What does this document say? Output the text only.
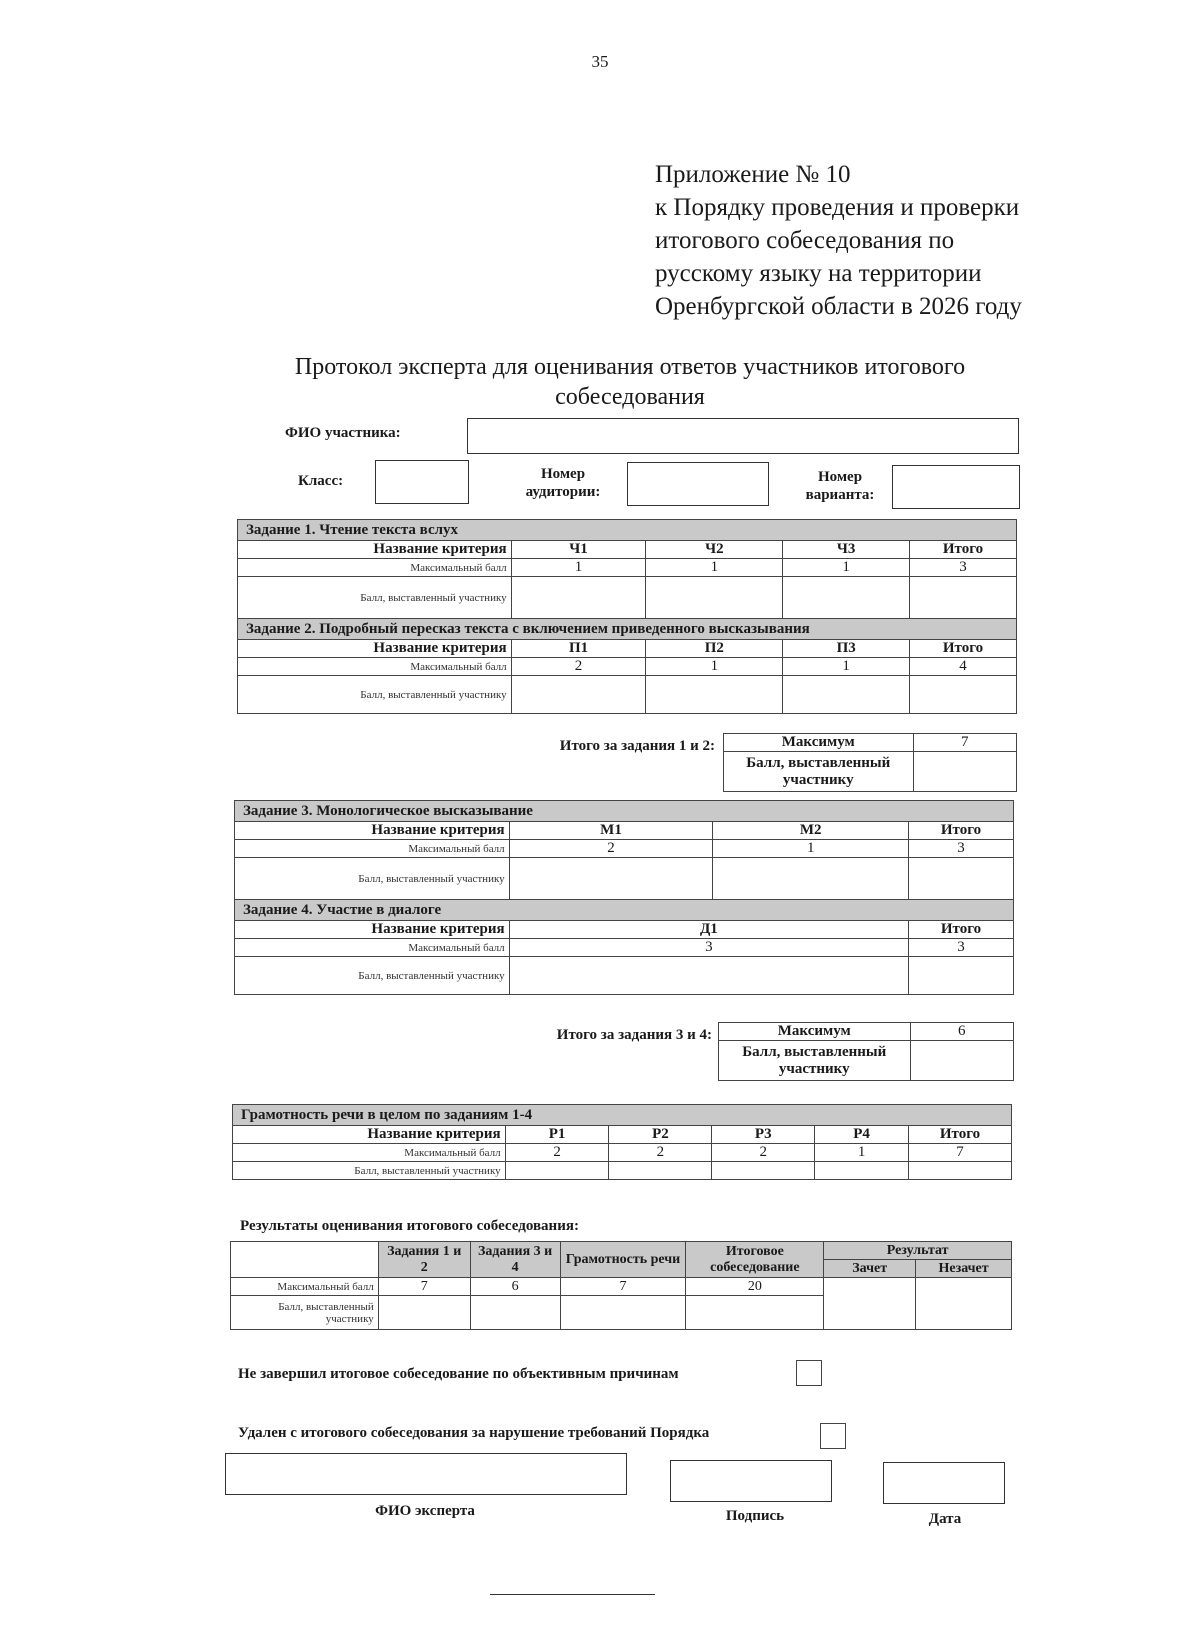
35
Приложение № 10
к Порядку проведения и проверки
итогового собеседования по
русскому языку на территории
Оренбургской области в 2026 году
Протокол эксперта для оценивания ответов участников итогового
собеседования
ФИО участника:
Класс:	Номер
аудитории:
Номер
варианта:
Задание 1. Чтение текста вслух				
Название критерия	Ч1	Ч2	Ч3	Итого
Максимальный балл	1	1	1	3
Балл, выставленный участнику				
Задание 2. Подробный пересказ текста с включением приведенного высказывания				
Название критерия	П1	П2	П3	Итого
Максимальный балл	2	1	1	4
Балл, выставленный участнику				
Итого за задания 1 и 2:	Максимум	7
Балл, выставленный участнику	
Задание 3. Монологическое высказывание			
Название критерия	М1	М2	Итого
Максимальный балл	2	1	3
Балл, выставленный участнику			
Задание 4. Участие в диалоге			
Название критерия	Д1		Итого
Максимальный балл	3		3
Балл, выставленный участнику			
Итого за задания 3 и 4:	Максимум	6
Балл, выставленный участнику	
Грамотность речи в целом по заданиям 1-4					
Название критерия	Р1	Р2	Р3	Р4	Итого
Максимальный балл	2	2	2	1	7
Балл, выставленный участнику					
Результаты оценивания итогового собеседования:
	Задания 1 и 2	Задания 3 и 4	Грамотность речи	Итоговое собеседование	Результат	
					Зачет	Незачет
Максимальный балл	7	6	7	20		
Балл, выставленный участнику						
Не завершил итоговое собеседование по объективным причинам
Удален с итогового собеседования за нарушение требований Порядка
ФИО эксперта	Подпись	Дата
